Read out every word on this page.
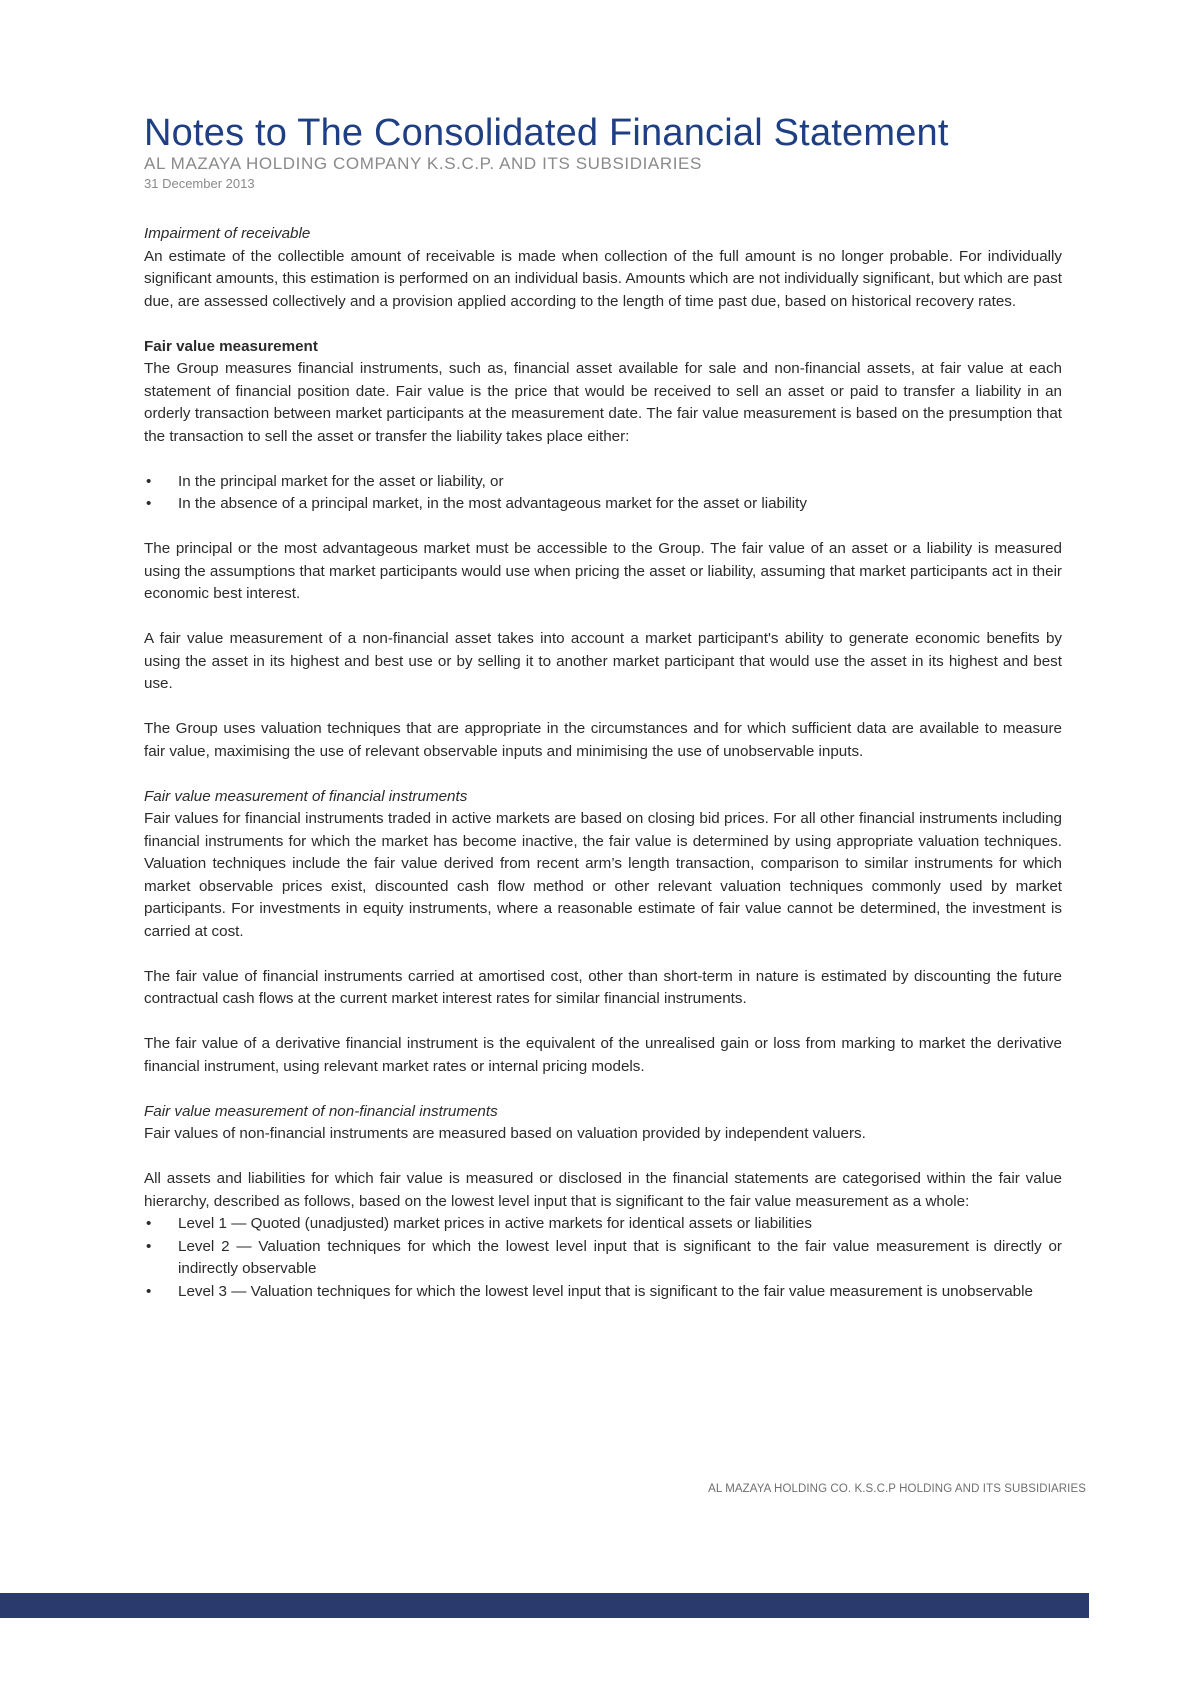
Notes to The Consolidated Financial Statement
AL MAZAYA HOLDING COMPANY K.S.C.P. AND ITS SUBSIDIARIES
31 December 2013
Impairment of receivable

An estimate of the collectible amount of receivable is made when collection of the full amount is no longer probable. For individually significant amounts, this estimation is performed on an individual basis. Amounts which are not individually significant, but which are past due, are assessed collectively and a provision applied according to the length of time past due, based on historical recovery rates.

Fair value measurement

The Group measures financial instruments, such as, financial asset available for sale and non-financial assets, at fair value at each statement of financial position date. Fair value is the price that would be received to sell an asset or paid to transfer a liability in an orderly transaction between market participants at the measurement date. The fair value measurement is based on the presumption that the transaction to sell the asset or transfer the liability takes place either:

• In the principal market for the asset or liability, or
• In the absence of a principal market, in the most advantageous market for the asset or liability

The principal or the most advantageous market must be accessible to the Group. The fair value of an asset or a liability is measured using the assumptions that market participants would use when pricing the asset or liability, assuming that market participants act in their economic best interest.

A fair value measurement of a non-financial asset takes into account a market participant's ability to generate economic benefits by using the asset in its highest and best use or by selling it to another market participant that would use the asset in its highest and best use.

The Group uses valuation techniques that are appropriate in the circumstances and for which sufficient data are available to measure fair value, maximising the use of relevant observable inputs and minimising the use of unobservable inputs.

Fair value measurement of financial instruments

Fair values for financial instruments traded in active markets are based on closing bid prices. For all other financial instruments including financial instruments for which the market has become inactive, the fair value is determined by using appropriate valuation techniques. Valuation techniques include the fair value derived from recent arm’s length transaction, comparison to similar instruments for which market observable prices exist, discounted cash flow method or other relevant valuation techniques commonly used by market participants. For investments in equity instruments, where a reasonable estimate of fair value cannot be determined, the investment is carried at cost.

The fair value of financial instruments carried at amortised cost, other than short-term in nature is estimated by discounting the future contractual cash flows at the current market interest rates for similar financial instruments.

The fair value of a derivative financial instrument is the equivalent of the unrealised gain or loss from marking to market the derivative financial instrument, using relevant market rates or internal pricing models.

Fair value measurement of non-financial instruments

Fair values of non-financial instruments are measured based on valuation provided by independent valuers.

All assets and liabilities for which fair value is measured or disclosed in the financial statements are categorised within the fair value hierarchy, described as follows, based on the lowest level input that is significant to the fair value measurement as a whole:

• Level 1 — Quoted (unadjusted) market prices in active markets for identical assets or liabilities
• Level 2 — Valuation techniques for which the lowest level input that is significant to the fair value measurement is directly or indirectly observable
• Level 3 — Valuation techniques for which the lowest level input that is significant to the fair value measurement is unobservable
AL MAZAYA HOLDING CO. K.S.C.P HOLDING AND ITS SUBSIDIARIES
